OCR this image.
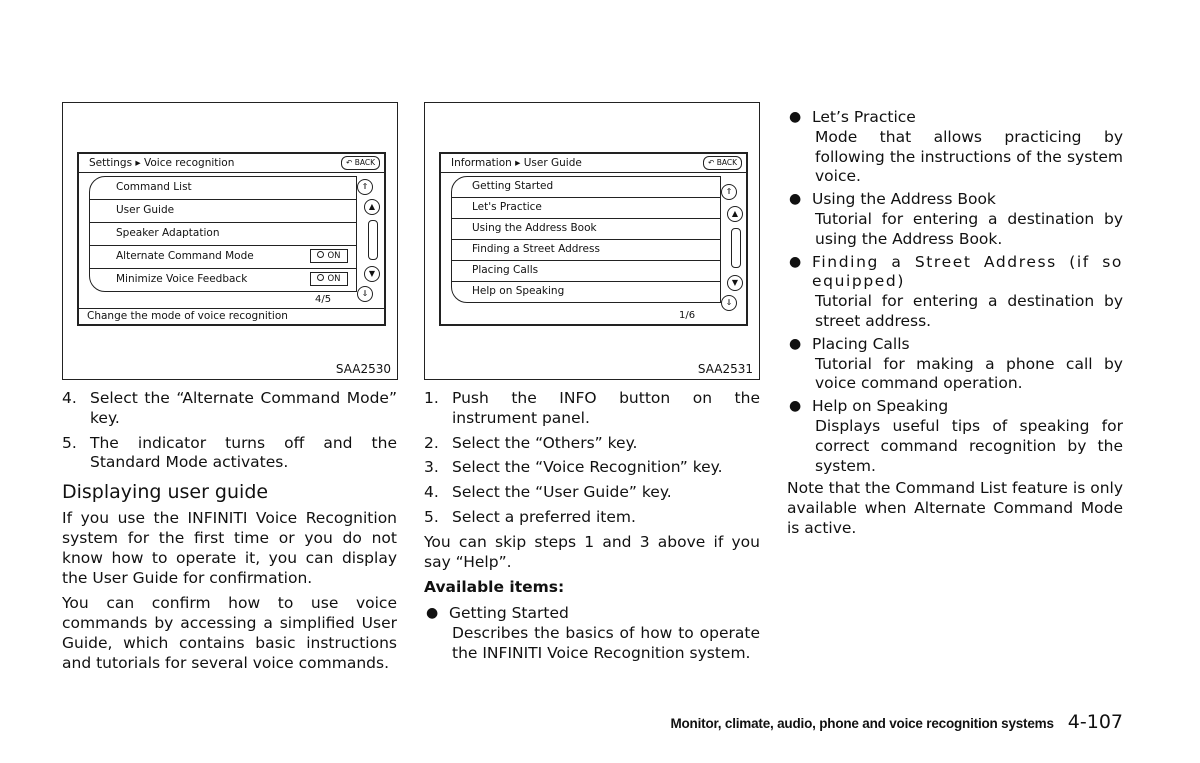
Settings ▸ Voice recognition	↶ BACK
Command List
User Guide
Speaker Adaptation
Alternate Command Mode	ON
Minimize Voice Feedback	ON
4/5
⇑
▲
▼
⇓
Change the mode of voice recognition
SAA2530
Information ▸ User Guide	↶ BACK
Getting Started
Let's Practice
Using the Address Book
Finding a Street Address
Placing Calls
Help on Speaking
1/6
⇑
▲
▼
⇓
SAA2531
4. Select the “Alternate Command Mode” key.
5. The indicator turns off and the Standard Mode activates.
Displaying user guide

If you use the INFINITI Voice Recognition system for the first time or you do not know how to operate it, you can display the User Guide for confirmation.

You can confirm how to use voice commands by accessing a simplified User Guide, which contains basic instructions and tutorials for several voice commands.

1. Push the INFO button on the instrument panel.
2. Select the “Others” key.
3. Select the “Voice Recognition” key.
4. Select the “User Guide” key.
5. Select a preferred item.

You can skip steps 1 and 3 above if you say “Help”.

Available items:

● Getting Started
Describes the basics of how to operate the INFINITI Voice Recognition system.
● Let’s Practice
Mode that allows practicing by following the instructions of the system voice.
● Using the Address Book
Tutorial for entering a destination by using the Address Book.
● Finding a Street Address (if so equipped)
Tutorial for entering a destination by street address.
● Placing Calls
Tutorial for making a phone call by voice command operation.
● Help on Speaking
Displays useful tips of speaking for correct command recognition by the system.

Note that the Command List feature is only available when Alternate Command Mode is active.

Monitor, climate, audio, phone and voice recognition systems 4-107
